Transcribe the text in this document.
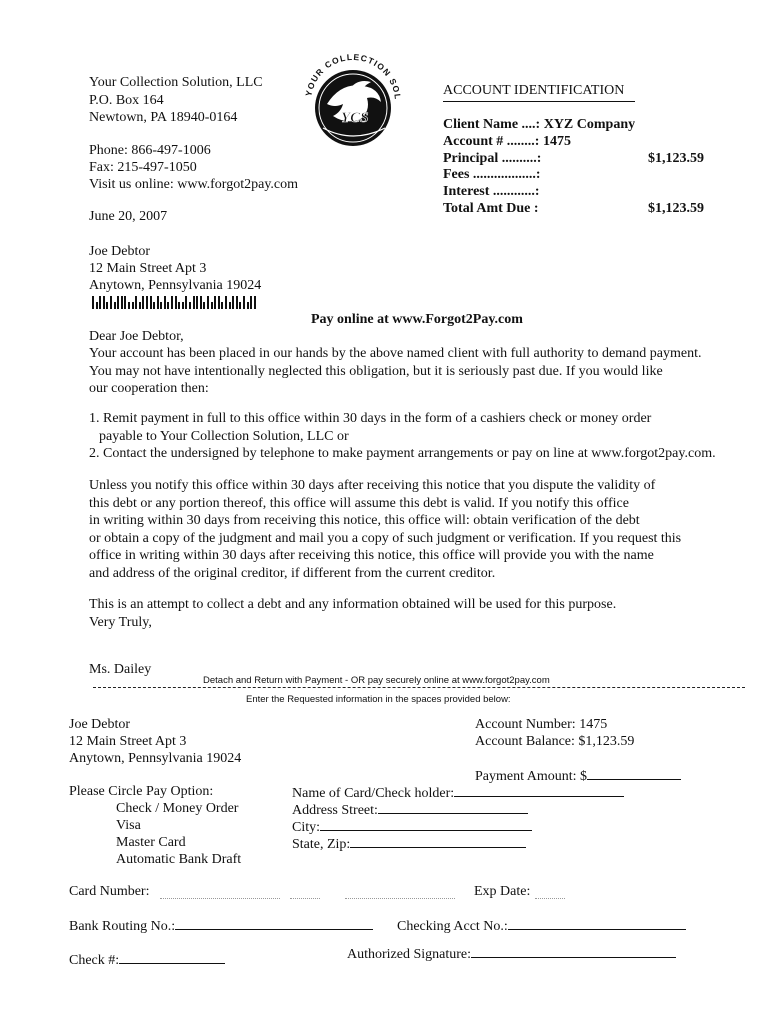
Your Collection Solution, LLC
P.O. Box 164
Newtown, PA 18940-0164
Phone: 866-497-1006
Fax: 215-497-1050
Visit us online: www.forgot2pay.com
June 20, 2007
YOUR COLLECTION SOL
YCS
ACCOUNT IDENTIFICATION
Client Name ....: XYZ Company
Account # ........: 1475
Principal ..........:	$1,123.59
Fees ..................:
Interest ............:
Total Amt Due :	$1,123.59
Joe Debtor
12 Main Street Apt 3
Anytown, Pennsylvania 19024
Pay online at www.Forgot2Pay.com
Dear Joe Debtor,
Your account has been placed in our hands by the above named client with full authority to demand payment.
You may not have intentionally neglected this obligation, but it is seriously past due. If you would like
our cooperation then:
1. Remit payment in full to this office within 30 days in the form of a cashiers check or money order
payable to Your Collection Solution, LLC or
2. Contact the undersigned by telephone to make payment arrangements or pay on line at www.forgot2pay.com.
Unless you notify this office within 30 days after receiving this notice that you dispute the validity of
this debt or any portion thereof, this office will assume this debt is valid. If you notify this office
in writing within 30 days from receiving this notice, this office will: obtain verification of the debt
or obtain a copy of the judgment and mail you a copy of such judgment or verification. If you request this
office in writing within 30 days after receiving this notice, this office will provide you with the name
and address of the original creditor, if different from the current creditor.
This is an attempt to collect a debt and any information obtained will be used for this purpose.
Very Truly,
Ms. Dailey
Detach and Return with Payment - OR pay securely online at www.forgot2pay.com
Enter the Requested information in the spaces provided below:
Joe Debtor
12 Main Street Apt 3
Anytown, Pennsylvania 19024
Account Number: 1475
Account Balance: $1,123.59
Payment Amount: $
Please Circle Pay Option:
Check / Money Order
Visa
Master Card
Automatic Bank Draft
Name of Card/Check holder:
Address Street:
City:
State, Zip:
Card Number:	Exp Date:
Bank Routing No.:	Checking Acct No.:
Check #:	Authorized Signature:
